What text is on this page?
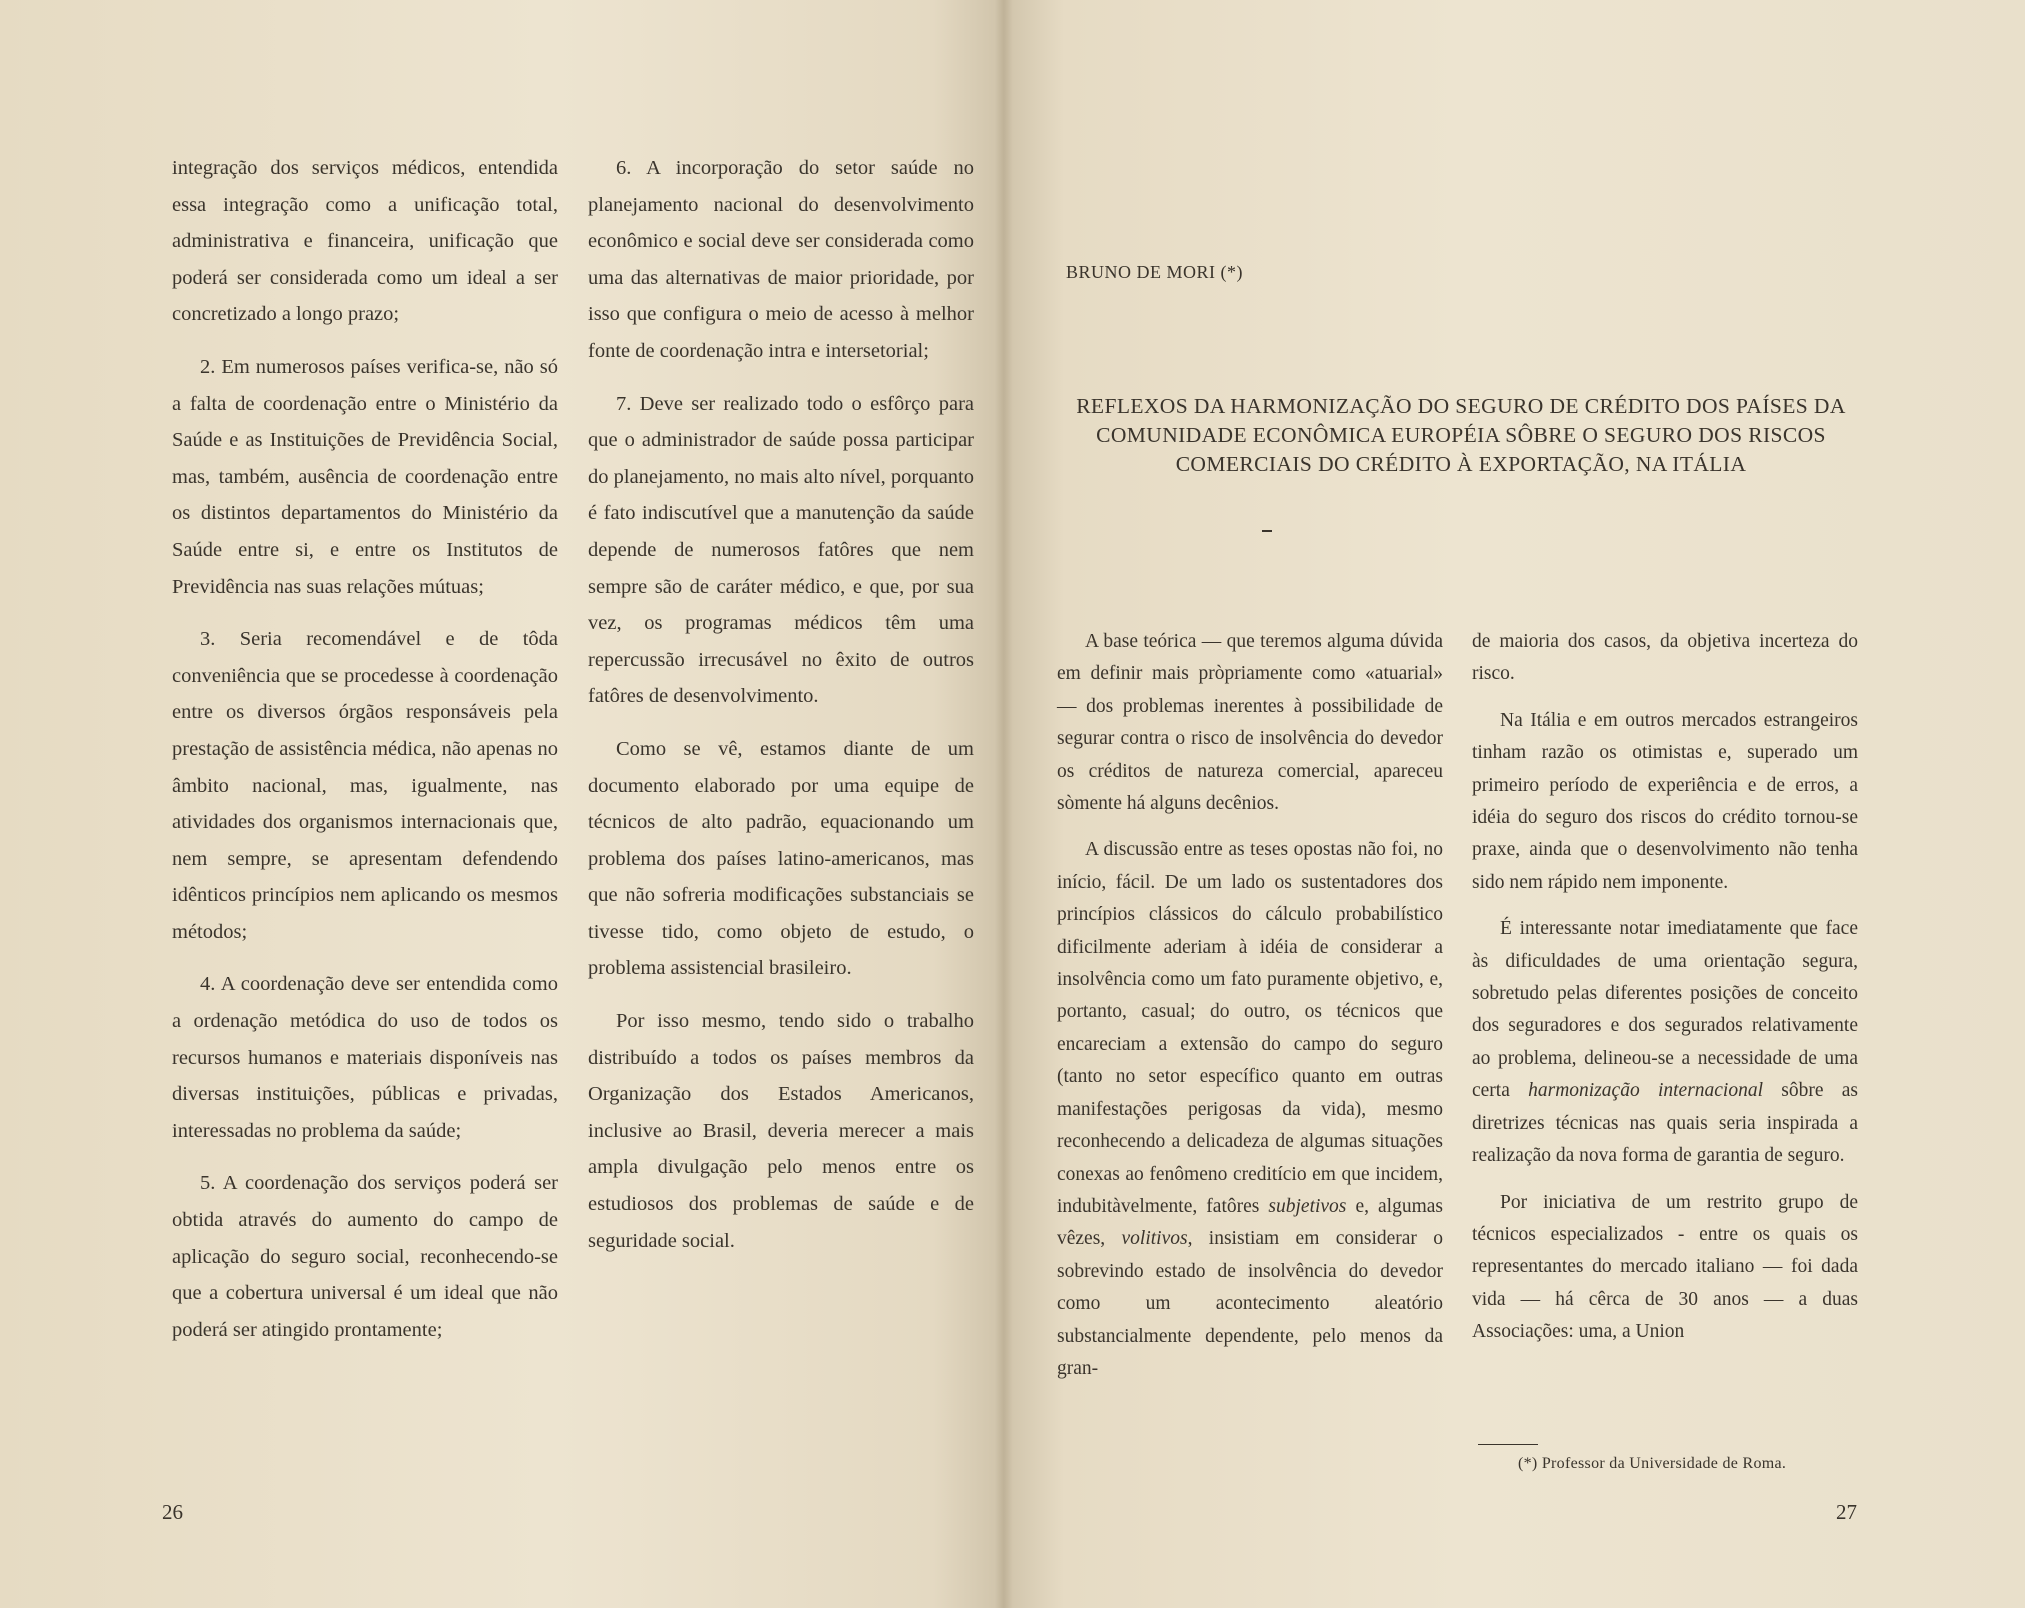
integração dos serviços médicos, entendida essa integração como a unificação total, administrativa e financeira, unificação que poderá ser considerada como um ideal a ser concretizado a longo prazo;

2. Em numerosos países verifica-se, não só a falta de coordenação entre o Ministério da Saúde e as Instituições de Previdência Social, mas, também, ausência de coordenação entre os distintos departamentos do Ministério da Saúde entre si, e entre os Institutos de Previdência nas suas relações mútuas;

3. Seria recomendável e de tôda conveniência que se procedesse à coordenação entre os diversos órgãos responsáveis pela prestação de assistência médica, não apenas no âmbito nacional, mas, igualmente, nas atividades dos organismos internacionais que, nem sempre, se apresentam defendendo idênticos princípios nem aplicando os mesmos métodos;

4. A coordenação deve ser entendida como a ordenação metódica do uso de todos os recursos humanos e materiais disponíveis nas diversas instituições, públicas e privadas, interessadas no problema da saúde;

5. A coordenação dos serviços poderá ser obtida através do aumento do campo de aplicação do seguro social, reconhecendo-se que a cobertura universal é um ideal que não poderá ser atingido prontamente;

6. A incorporação do setor saúde no planejamento nacional do desenvolvimento econômico e social deve ser considerada como uma das alternativas de maior prioridade, por isso que configura o meio de acesso à melhor fonte de coordenação intra e intersetorial;

7. Deve ser realizado todo o esfôrço para que o administrador de saúde possa participar do planejamento, no mais alto nível, porquanto é fato indiscutível que a manutenção da saúde depende de numerosos fatôres que nem sempre são de caráter médico, e que, por sua vez, os programas médicos têm uma repercussão irrecusável no êxito de outros fatôres de desenvolvimento.

Como se vê, estamos diante de um documento elaborado por uma equipe de técnicos de alto padrão, equacionando um problema dos países latino-americanos, mas que não sofreria modificações substanciais se tivesse tido, como objeto de estudo, o problema assistencial brasileiro.

Por isso mesmo, tendo sido o trabalho distribuído a todos os países membros da Organização dos Estados Americanos, inclusive ao Brasil, deveria merecer a mais ampla divulgação pelo menos entre os estudiosos dos problemas de saúde e de seguridade social.

26
BRUNO DE MORI (*)
REFLEXOS DA HARMONIZAÇÃO DO SEGURO DE CRÉDITO DOS PAÍSES DA COMUNIDADE ECONÔMICA EUROPÉIA SÔBRE O SEGURO DOS RISCOS COMERCIAIS DO CRÉDITO À EXPORTAÇÃO, NA ITÁLIA

A base teórica — que teremos alguma dúvida em definir mais pròpriamente como «atuarial» — dos problemas inerentes à possibilidade de segurar contra o risco de insolvência do devedor os créditos de natureza comercial, apareceu sòmente há alguns decênios.

A discussão entre as teses opostas não foi, no início, fácil. De um lado os sustentadores dos princípios clássicos do cálculo probabilístico dificilmente aderiam à idéia de considerar a insolvência como um fato puramente objetivo, e, portanto, casual; do outro, os técnicos que encareciam a extensão do campo do seguro (tanto no setor específico quanto em outras manifestações perigosas da vida), mesmo reconhecendo a delicadeza de algumas situações conexas ao fenômeno creditício em que incidem, indubitàvelmente, fatôres subjetivos e, algumas vêzes, volitivos, insistiam em considerar o sobrevindo estado de insolvência do devedor como um acontecimento aleatório substancialmente dependente, pelo menos da gran-

de maioria dos casos, da objetiva incerteza do risco.

Na Itália e em outros mercados estrangeiros tinham razão os otimistas e, superado um primeiro período de experiência e de erros, a idéia do seguro dos riscos do crédito tornou-se praxe, ainda que o desenvolvimento não tenha sido nem rápido nem imponente.

É interessante notar imediatamente que face às dificuldades de uma orientação segura, sobretudo pelas diferentes posições de conceito dos seguradores e dos segurados relativamente ao problema, delineou-se a necessidade de uma certa harmonização internacional sôbre as diretrizes técnicas nas quais seria inspirada a realização da nova forma de garantia de seguro.

Por iniciativa de um restrito grupo de técnicos especializados - entre os quais os representantes do mercado italiano — foi dada vida — há cêrca de 30 anos — a duas Associações: uma, a Union

(*) Professor da Universidade de Roma.
27
